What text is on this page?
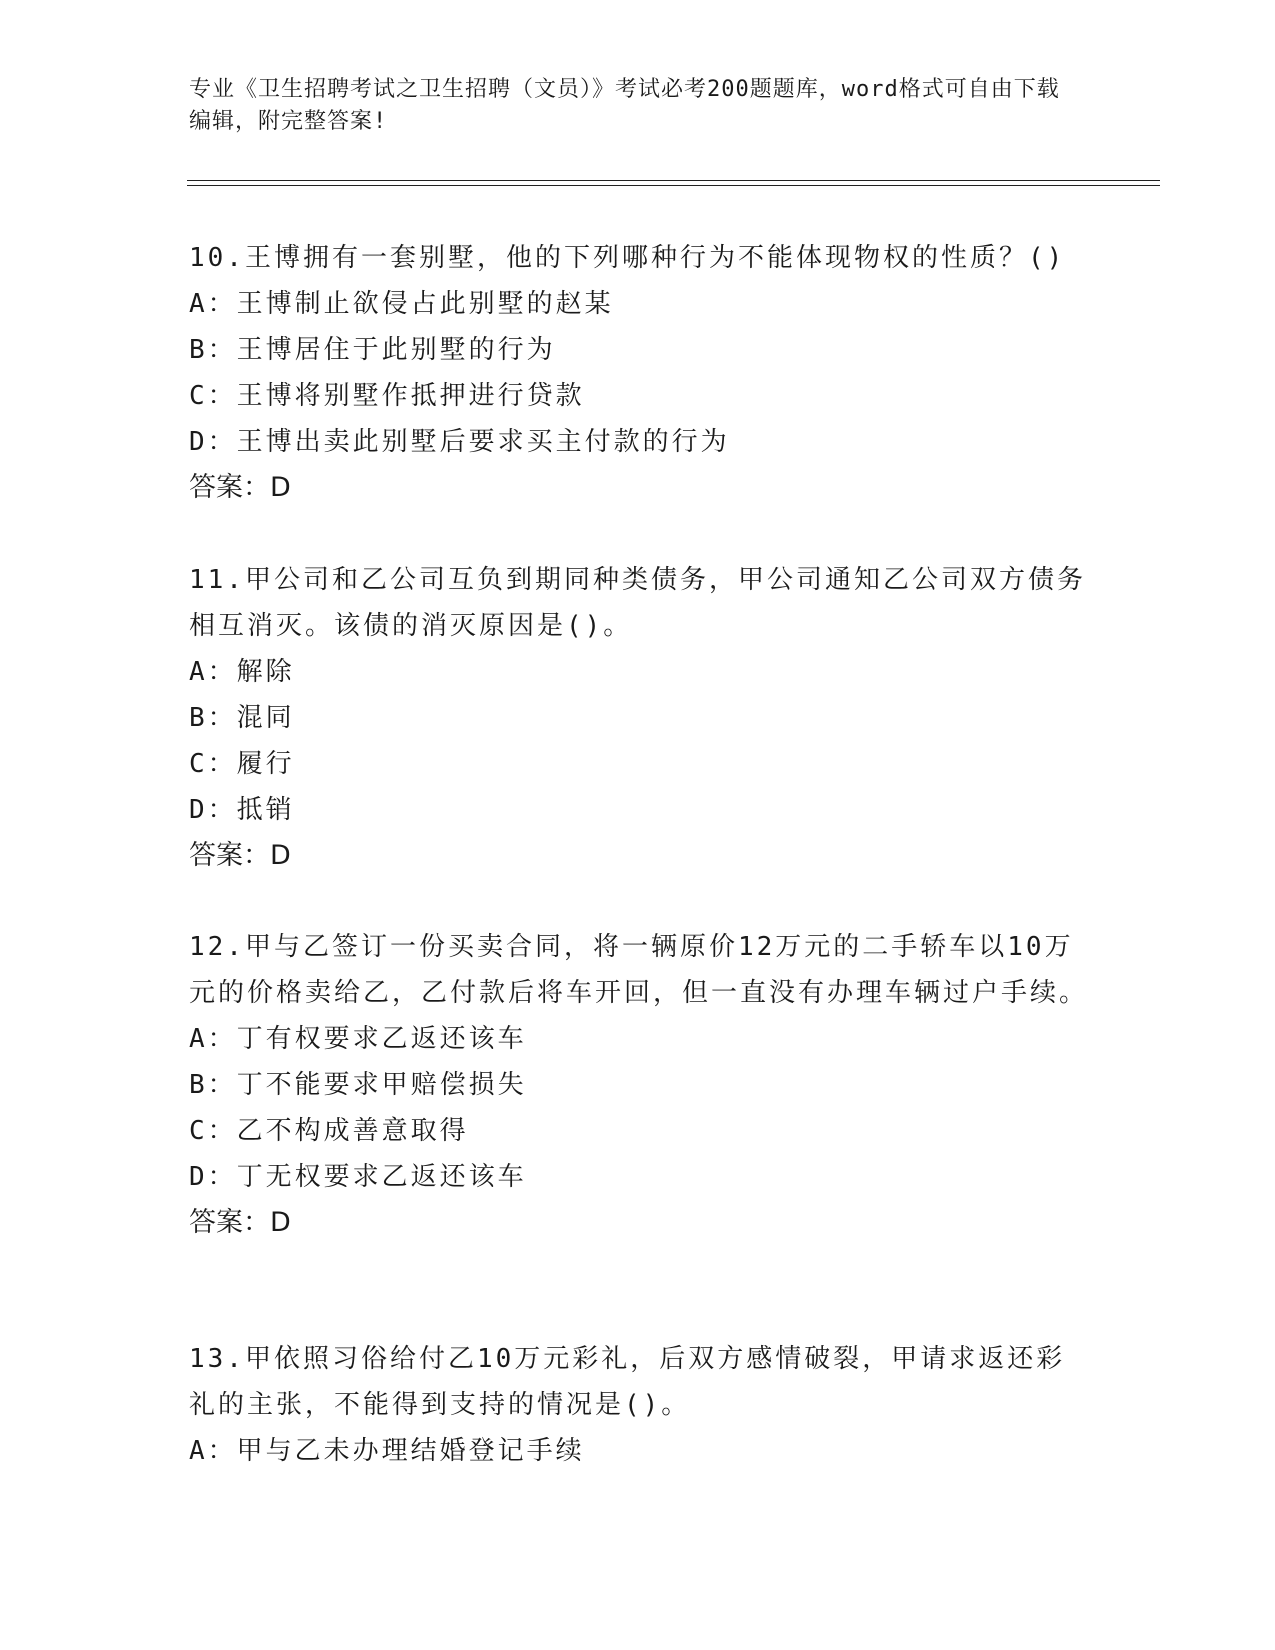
专业《卫生招聘考试之卫生招聘（文员）》考试必考200题题库，word格式可自由下载编辑，附完整答案!

10.王博拥有一套别墅，他的下列哪种行为不能体现物权的性质？()

A：王博制止欲侵占此别墅的赵某
B：王博居住于此别墅的行为
C：王博将别墅作抵押进行贷款
D：王博出卖此别墅后要求买主付款的行为

答案：D

11.甲公司和乙公司互负到期同种类债务，甲公司通知乙公司双方债务相互消灭。该债的消灭原因是()。

A：解除
B：混同
C：履行
D：抵销

答案：D

12.甲与乙签订一份买卖合同，将一辆原价12万元的二手轿车以10万元的价格卖给乙，乙付款后将车开回，但一直没有办理车辆过户手续。

A：丁有权要求乙返还该车
B：丁不能要求甲赔偿损失
C：乙不构成善意取得
D：丁无权要求乙返还该车

答案：D

13.甲依照习俗给付乙10万元彩礼，后双方感情破裂，甲请求返还彩礼的主张，不能得到支持的情况是()。

A：甲与乙未办理结婚登记手续
